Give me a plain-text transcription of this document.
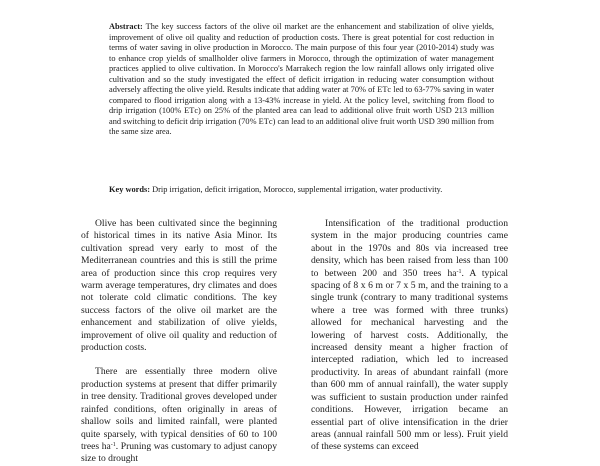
Abstract: The key success factors of the olive oil market are the enhancement and stabilization of olive yields, improvement of olive oil quality and reduction of production costs. There is great potential for cost reduction in terms of water saving in olive production in Morocco. The main purpose of this four year (2010-2014) study was to enhance crop yields of smallholder olive farmers in Morocco, through the optimization of water management practices applied to olive cultivation. In Morocco's Marrakech region the low rainfall allows only irrigated olive cultivation and so the study investigated the effect of deficit irrigation in reducing water consumption without adversely affecting the olive yield. Results indicate that adding water at 70% of ETс led to 63-77% saving in water compared to flood irrigation along with a 13-43% increase in yield. At the policy level, switching from flood to drip irrigation (100% ETс) on 25% of the planted area can lead to additional olive fruit worth USD 213 million and switching to deficit drip irrigation (70% ETс) can lead to an additional olive fruit worth USD 390 million from the same size area.

Key words: Drip irrigation, deficit irrigation, Morocco, supplemental irrigation, water productivity.

Olive has been cultivated since the beginning of historical times in its native Asia Minor. Its cultivation spread very early to most of the Mediterranean countries and this is still the prime area of production since this crop requires very warm average temperatures, dry climates and does not tolerate cold climatic conditions. The key success factors of the olive oil market are the enhancement and stabilization of olive yields, improvement of olive oil quality and reduction of production costs.

There are essentially three modern olive production systems at present that differ primarily in tree density. Traditional groves developed under rainfed conditions, often originally in areas of shallow soils and limited rainfall, were planted quite sparsely, with typical densities of 60 to 100 trees $ha^{-1}$. Pruning was customary to adjust canopy size to drought

Intensification of the traditional production system in the major producing countries came about in the 1970s and 80s via increased tree density, which has been raised from less than 100 to between 200 and 350 trees $ha^{-1}$. A typical spacing of 8 x 6 m or 7 x 5 m, and the training to a single trunk (contrary to many traditional systems where a tree was formed with three trunks) allowed for mechanical harvesting and the lowering of harvest costs. Additionally, the increased density meant a higher fraction of intercepted radiation, which led to increased productivity. In areas of abundant rainfall (more than 600 mm of annual rainfall), the water supply was sufficient to sustain production under rainfed conditions. However, irrigation became an essential part of olive intensification in the drier areas (annual rainfall 500 mm or less). Fruit yield of these systems can exceed
